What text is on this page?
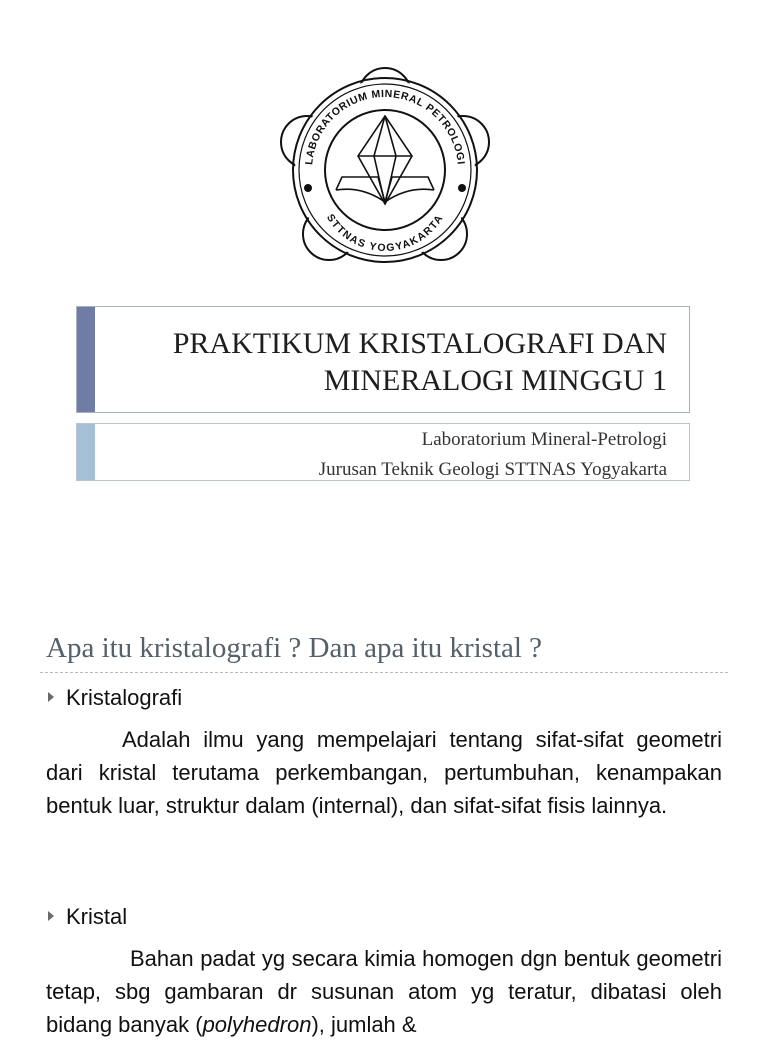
LABORATORIUM MINERAL PETROLOGI
STTNAS YOGYAKARTA
PRAKTIKUM KRISTALOGRAFI DAN
MINERALOGI MINGGU 1
Laboratorium Mineral-Petrologi
Jurusan Teknik Geologi STTNAS Yogyakarta
Apa itu kristalografi ? Dan apa itu kristal ?
Kristalografi
Adalah ilmu yang mempelajari tentang sifat-sifat geometri dari kristal terutama perkembangan, pertumbuhan, kenampakan bentuk luar, struktur dalam (internal), dan sifat-sifat fisis lainnya.
Kristal
Bahan padat yg secara kimia homogen dgn bentuk geometri tetap, sbg gambaran dr susunan atom yg teratur, dibatasi oleh bidang banyak (polyhedron), jumlah &
